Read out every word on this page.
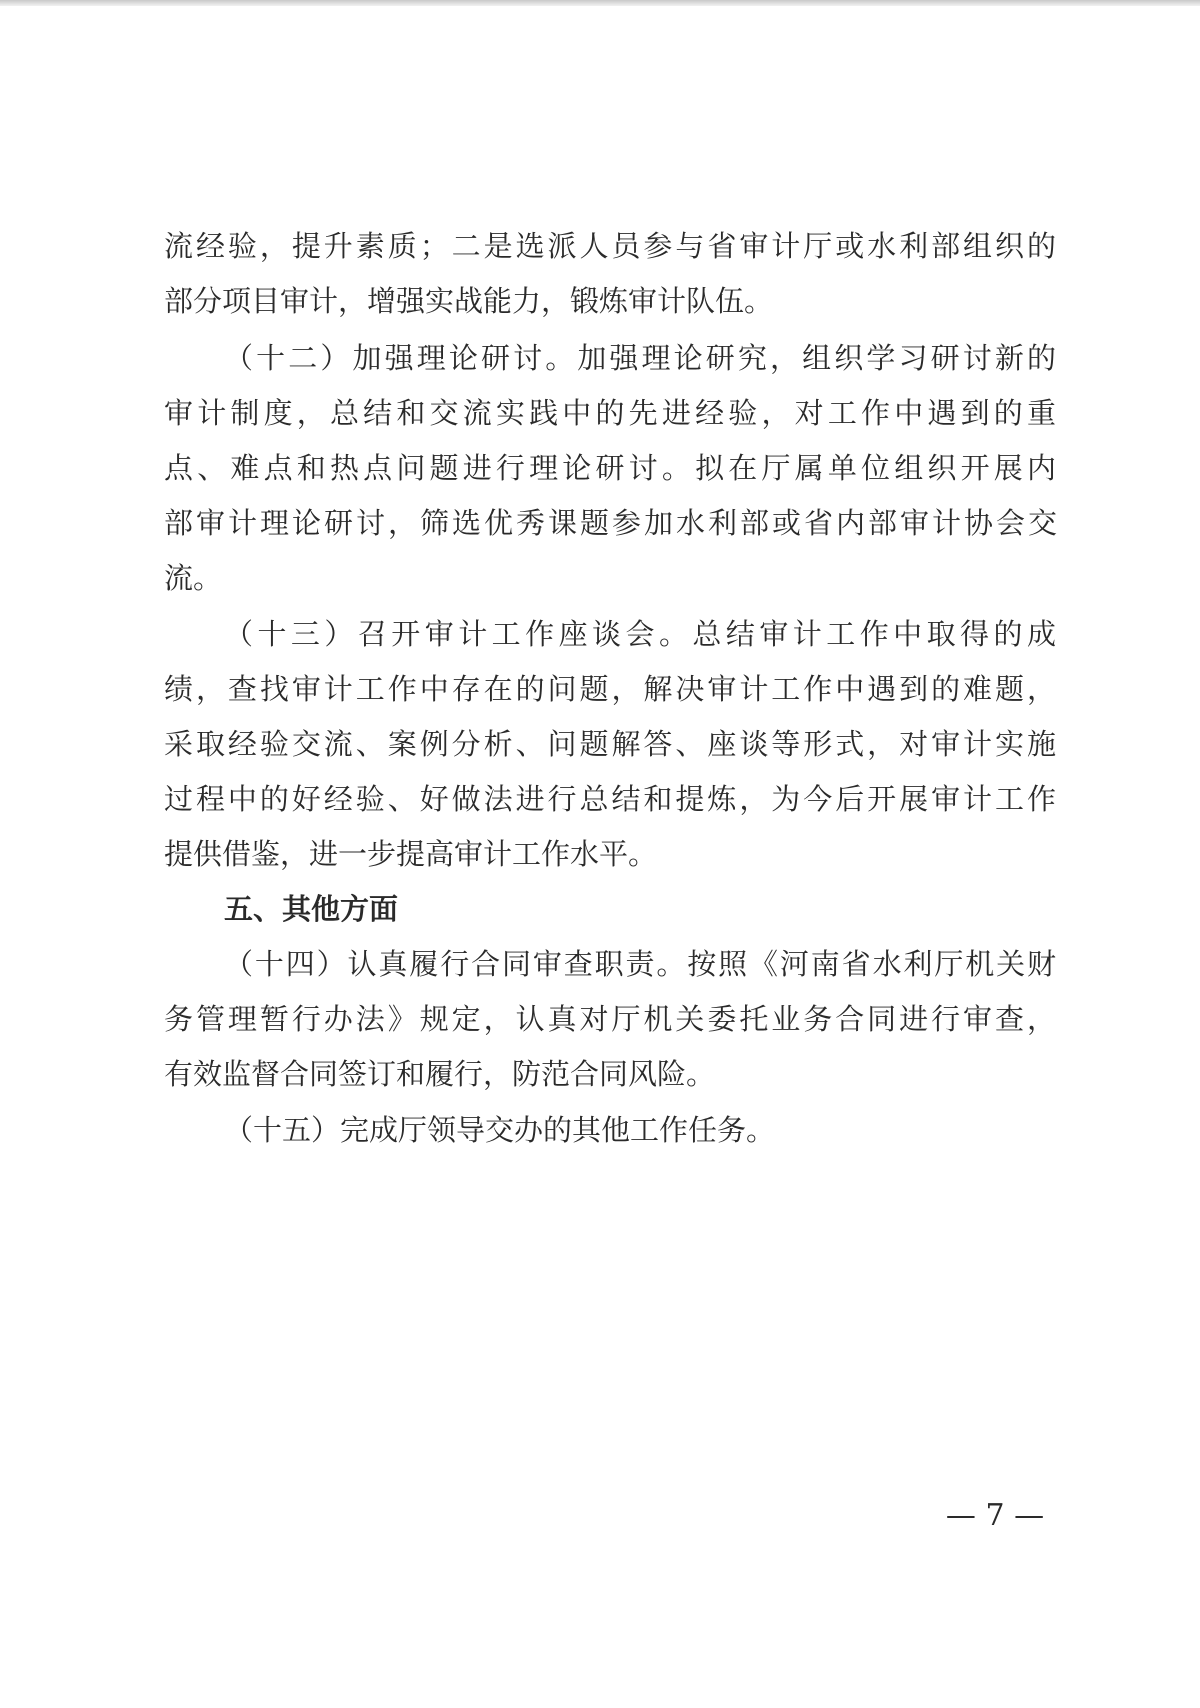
流经验，提升素质；二是选派人员参与省审计厅或水利部组织的
部分项目审计，增强实战能力，锻炼审计队伍。
（十二）加强理论研讨。加强理论研究，组织学习研讨新的
审计制度，总结和交流实践中的先进经验，对工作中遇到的重
点、难点和热点问题进行理论研讨。拟在厅属单位组织开展内
部审计理论研讨，筛选优秀课题参加水利部或省内部审计协会交
流。
（十三）召开审计工作座谈会。总结审计工作中取得的成
绩，查找审计工作中存在的问题，解决审计工作中遇到的难题，
采取经验交流、案例分析、问题解答、座谈等形式，对审计实施
过程中的好经验、好做法进行总结和提炼，为今后开展审计工作
提供借鉴，进一步提高审计工作水平。
五、其他方面
（十四）认真履行合同审查职责。按照《河南省水利厅机关财
务管理暂行办法》规定，认真对厅机关委托业务合同进行审查，
有效监督合同签订和履行，防范合同风险。
（十五）完成厅领导交办的其他工作任务。
— 7 —
